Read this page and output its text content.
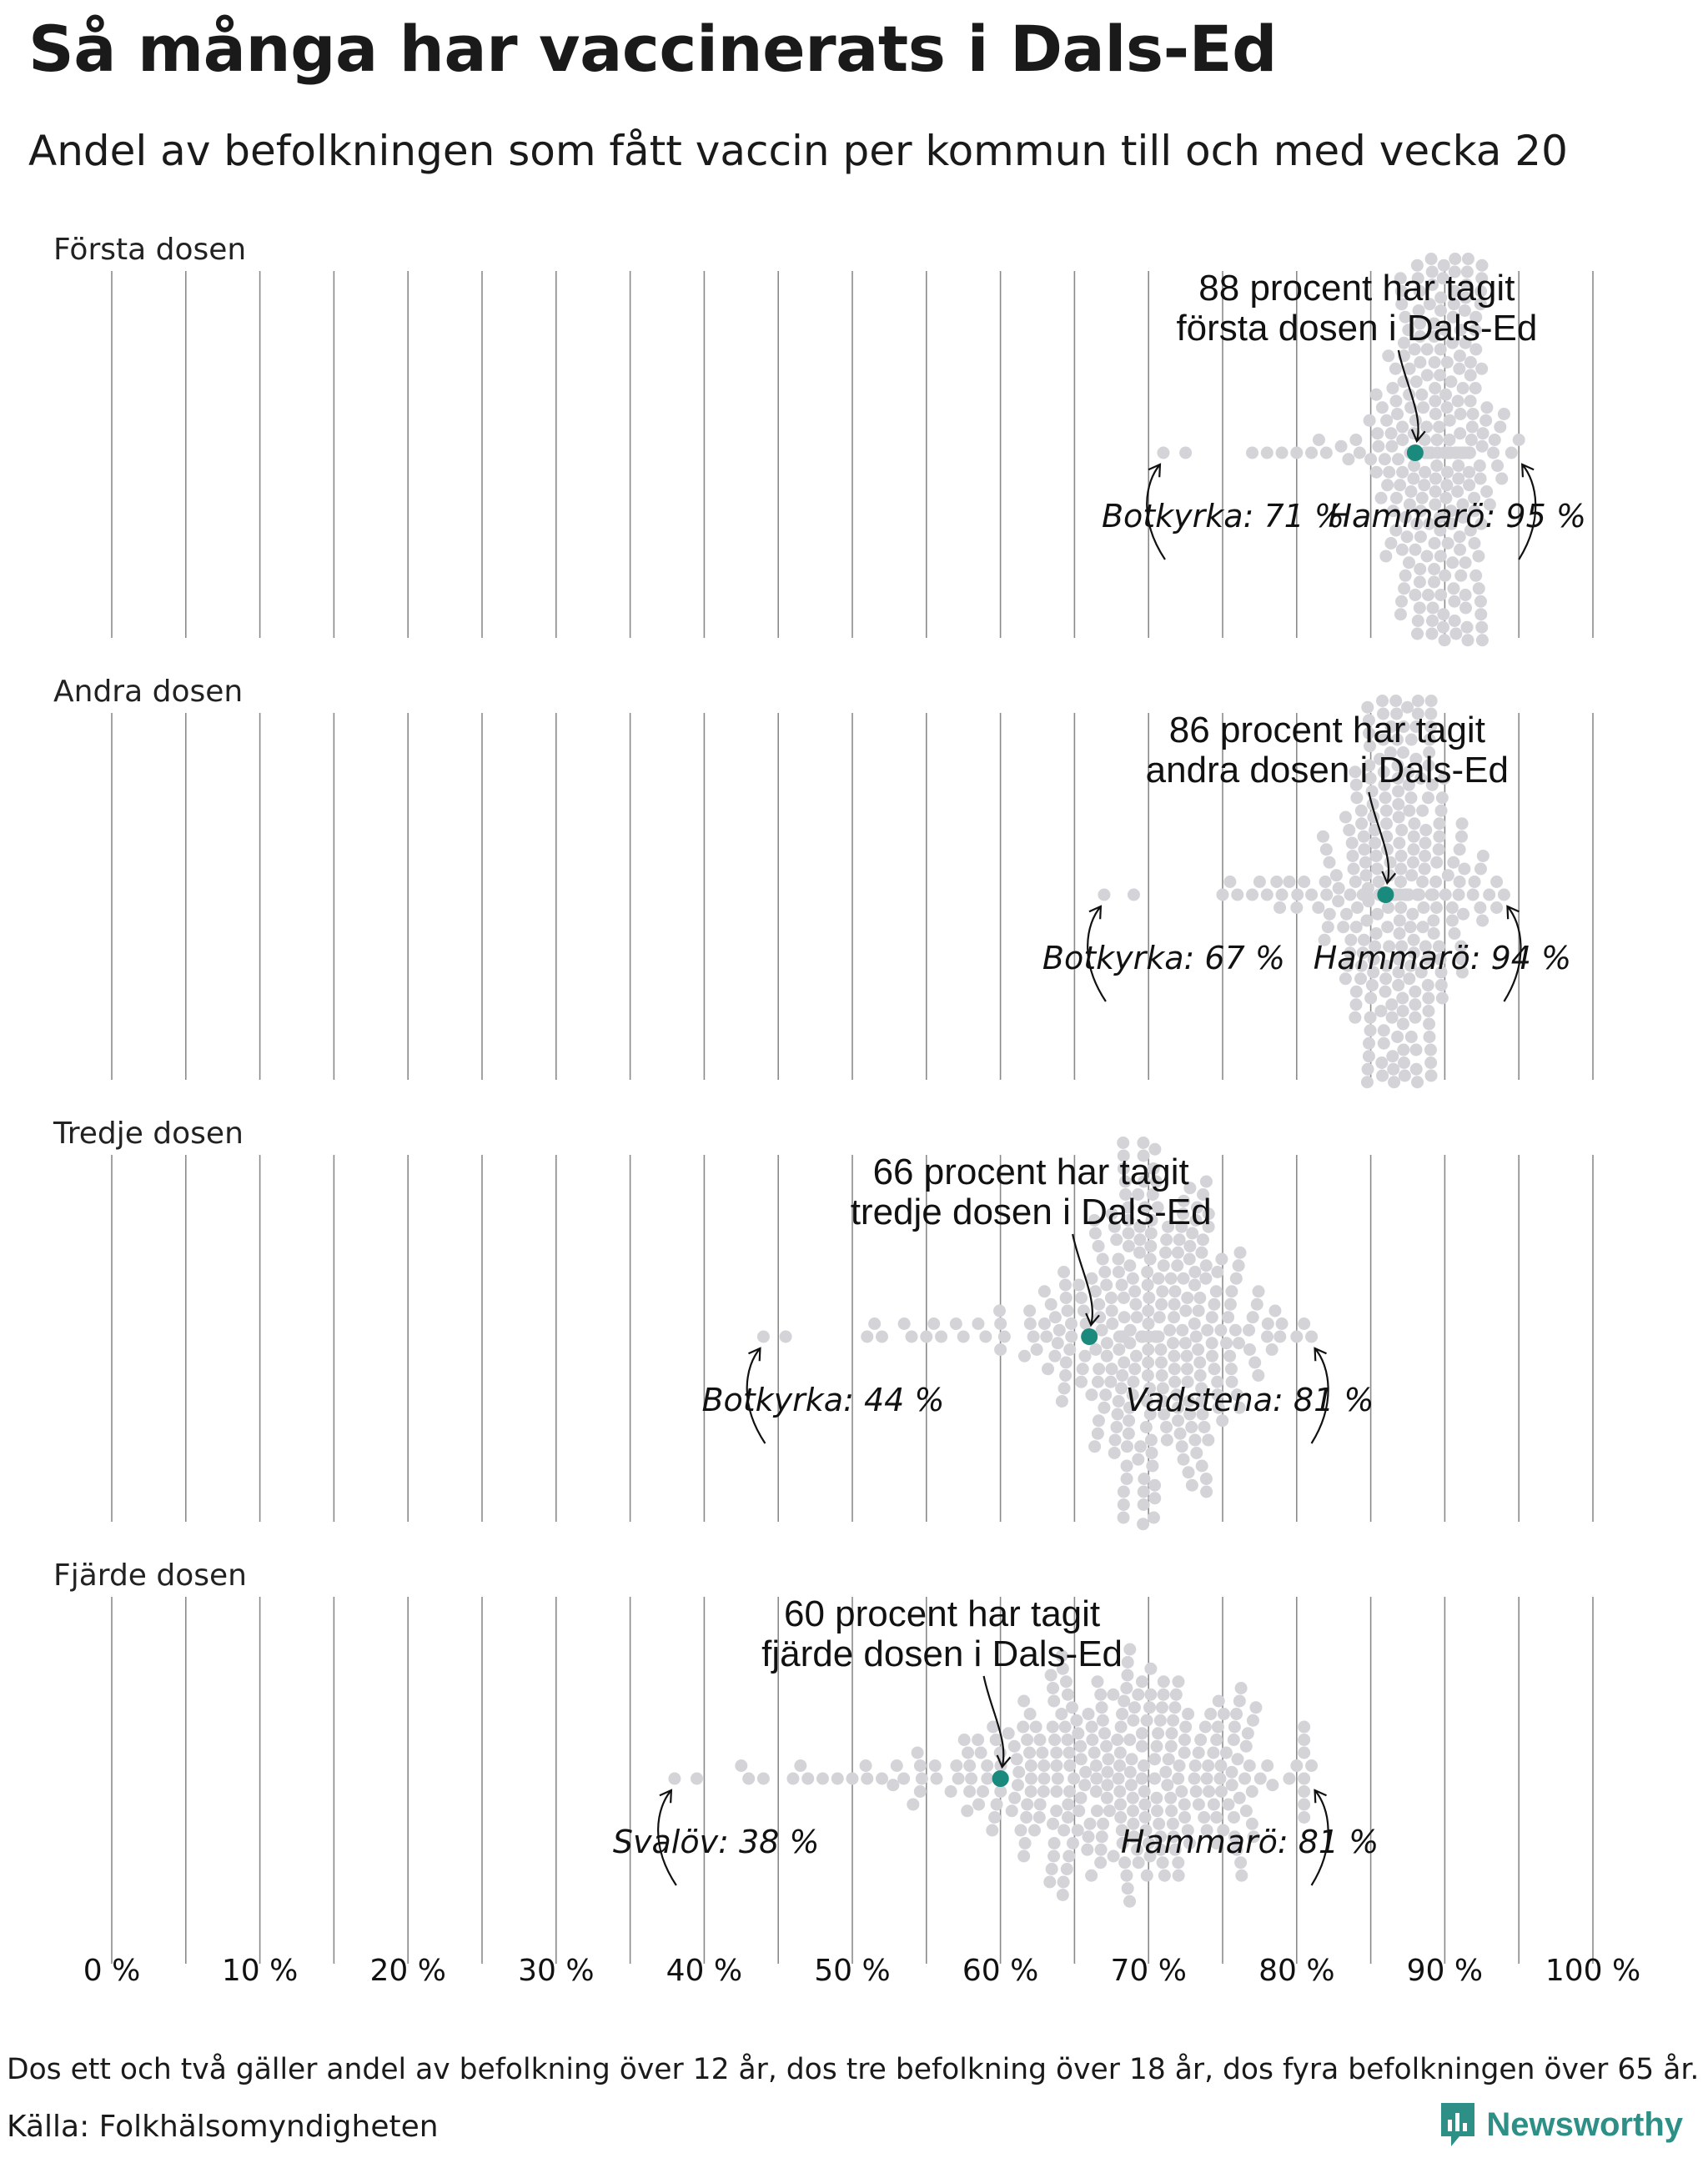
Så många har vaccinerats i Dals-Ed
Andel av befolkningen som fått vaccin per kommun till och med vecka 20
Första dosen
88 procent har tagit
första dosen i Dals-Ed
Botkyrka: 71 %
Hammarö: 95 %
Andra dosen
86 procent har tagit
andra dosen i Dals-Ed
Botkyrka: 67 % Hammarö: 94 %
Tredje dosen
66 procent har tagit
tredje dosen i Dals-Ed
Botkyrka: 44 %	Vadstena: 81 %
Fjärde dosen
60 procent har tagit
fjärde dosen i Dals-Ed
Svalöv: 38 %	Hammarö: 81 %
0 %	10 % 20 % 30 % 40 % 50 % 60 % 70 % 80 % 90 % 100 %
Dos ett och två gäller andel av befolkning över 12 år, dos tre befolkning över 18 år, dos fyra befolkningen över 65 år.
Källa: Folkhälsomyndigheten	Newsworthy
